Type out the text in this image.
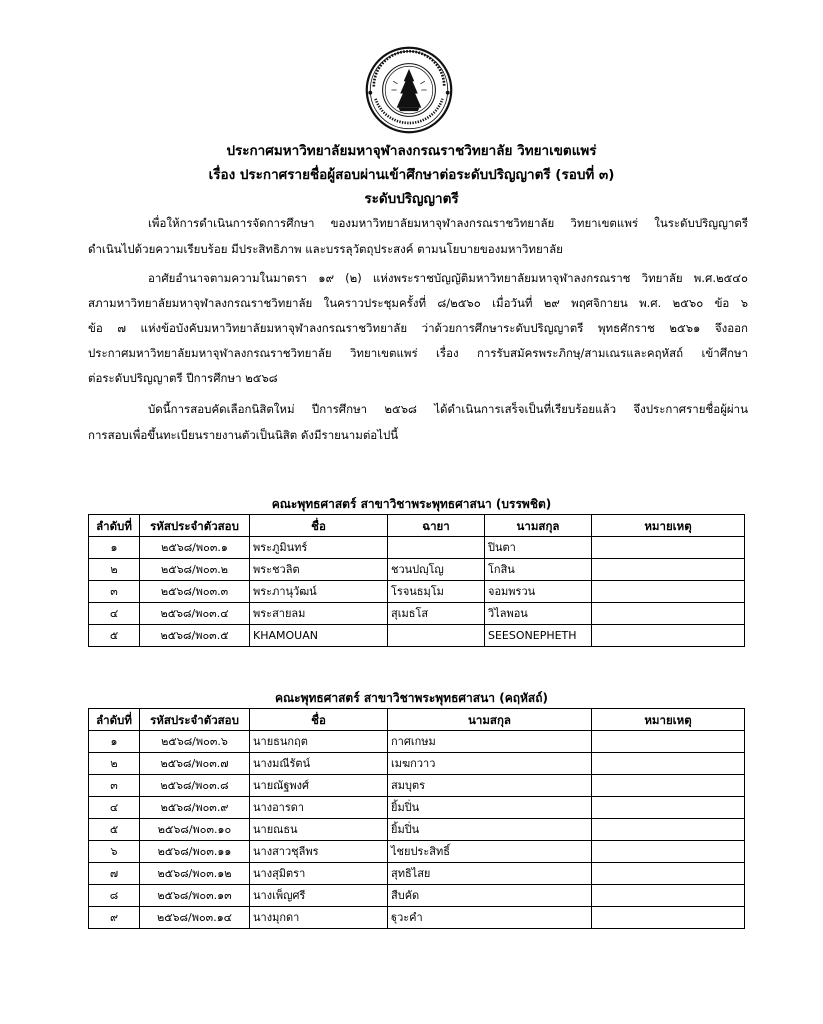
ประกาศมหาวิทยาลัยมหาจุฬาลงกรณราชวิทยาลัย วิทยาเขตแพร่
เรื่อง ประกาศรายชื่อผู้สอบผ่านเข้าศึกษาต่อระดับปริญญาตรี (รอบที่ ๓)
ระดับปริญญาตรี
เพื่อให้การดำเนินการจัดการศึกษา ของมหาวิทยาลัยมหาจุฬาลงกรณราชวิทยาลัย วิทยาเขตแพร่ ในระดับปริญญาตรี
ดำเนินไปด้วยความเรียบร้อย มีประสิทธิภาพ และบรรลุวัตถุประสงค์ ตามนโยบายของมหาวิทยาลัย
อาศัยอำนาจตามความในมาตรา ๑๙ (๒) แห่งพระราชบัญญัติมหาวิทยาลัยมหาจุฬาลงกรณราช วิทยาลัย พ.ศ.๒๕๔๐
สภามหาวิทยาลัยมหาจุฬาลงกรณราชวิทยาลัย ในคราวประชุมครั้งที่ ๘/๒๕๖๐ เมื่อวันที่ ๒๙ พฤศจิกายน พ.ศ. ๒๕๖๐ ข้อ ๖
ข้อ ๗ แห่งข้อบังคับมหาวิทยาลัยมหาจุฬาลงกรณราชวิทยาลัย ว่าด้วยการศึกษาระดับปริญญาตรี พุทธศักราช ๒๕๖๑ จึงออก
ประกาศมหาวิทยาลัยมหาจุฬาลงกรณราชวิทยาลัย วิทยาเขตแพร่ เรื่อง การรับสมัครพระภิกษุ/สามเณรและคฤหัสถ์ เข้าศึกษา
ต่อระดับปริญญาตรี ปีการศึกษา ๒๕๖๘
บัดนี้การสอบคัดเลือกนิสิตใหม่ ปีการศึกษา ๒๕๖๘ ได้ดำเนินการเสร็จเป็นที่เรียบร้อยแล้ว จึงประกาศรายชื่อผู้ผ่าน
การสอบเพื่อขึ้นทะเบียนรายงานตัวเป็นนิสิต ดังมีรายนามต่อไปนี้
คณะพุทธศาสตร์ สาขาวิชาพระพุทธศาสนา (บรรพชิต)
ลำดับที่	รหัสประจำตัวสอบ	ชื่อ	ฉายา	นามสกุล	หมายเหตุ
๑	๒๕๖๘/พ๐๓.๑	พระภูมินทร์		ปินตา	
๒	๒๕๖๘/พ๐๓.๒	พระชวลิต	ชวนปญฺโญ	โกสิน	
๓	๒๕๖๘/พ๐๓.๓	พระภานุวัฒน์	โรจนธมฺโม	จอมพรวน	
๔	๒๕๖๘/พ๐๓.๔	พระสายลม	สุเมธโส	วิไลพอน	
๕	๒๕๖๘/พ๐๓.๕	KHAMOUAN		SEESONEPHETH	
คณะพุทธศาสตร์ สาขาวิชาพระพุทธศาสนา (คฤหัสถ์)
ลำดับที่	รหัสประจำตัวสอบ	ชื่อ	นามสกุล	หมายเหตุ
๑	๒๕๖๘/พ๐๓.๖	นายธนกฤต	กาศเกษม	
๒	๒๕๖๘/พ๐๓.๗	นางมณีรัตน์	เมฆกวาว	
๓	๒๕๖๘/พ๐๓.๘	นายณัฐพงศ์	สมบุตร	
๔	๒๕๖๘/พ๐๓.๙	นางอารดา	ยิ้มปิ่น	
๕	๒๕๖๘/พ๐๓.๑๐	นายณธน	ยิ้มปิ่น	
๖	๒๕๖๘/พ๐๓.๑๑	นางสาวชุลีพร	ไชยประสิทธิ์	
๗	๒๕๖๘/พ๐๓.๑๒	นางสุมิตรา	สุทธิไสย	
๘	๒๕๖๘/พ๐๓.๑๓	นางเพ็ญศรี	สืบคัด	
๙	๒๕๖๘/พ๐๓.๑๔	นางมุกดา	ฐุวะคำ	
